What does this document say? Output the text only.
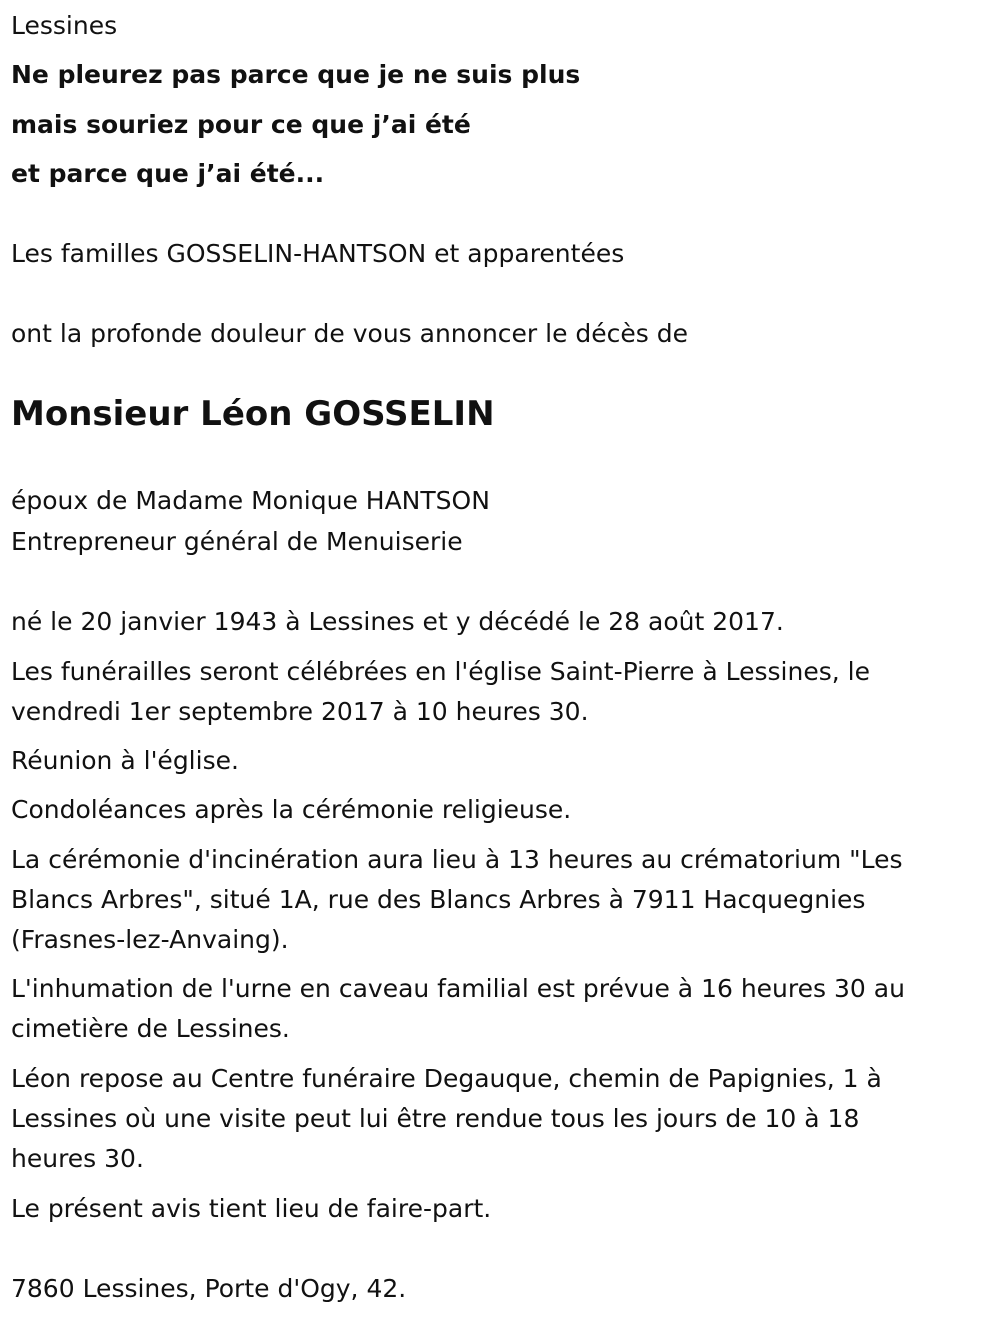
Lessines
Ne pleurez pas parce que je ne suis plus
mais souriez pour ce que j’ai été
et parce que j’ai été...
Les familles GOSSELIN-HANTSON et apparentées
ont la profonde douleur de vous annoncer le décès de
Monsieur Léon GOSSELIN
époux de Madame Monique HANTSON
Entrepreneur général de Menuiserie
né le 20 janvier 1943 à Lessines et y décédé le 28 août 2017.
Les funérailles seront célébrées en l'église Saint-Pierre à Lessines, le
vendredi 1er septembre 2017 à 10 heures 30.
Réunion à l'église.
Condoléances après la cérémonie religieuse.
La cérémonie d'incinération aura lieu à 13 heures au crématorium "Les
Blancs Arbres", situé 1A, rue des Blancs Arbres à 7911 Hacquegnies
(Frasnes-lez-Anvaing).
L'inhumation de l'urne en caveau familial est prévue à 16 heures 30 au
cimetière de Lessines.
Léon repose au Centre funéraire Degauque, chemin de Papignies, 1 à
Lessines où une visite peut lui être rendue tous les jours de 10 à 18
heures 30.
Le présent avis tient lieu de faire-part.
7860 Lessines, Porte d'Ogy, 42.
